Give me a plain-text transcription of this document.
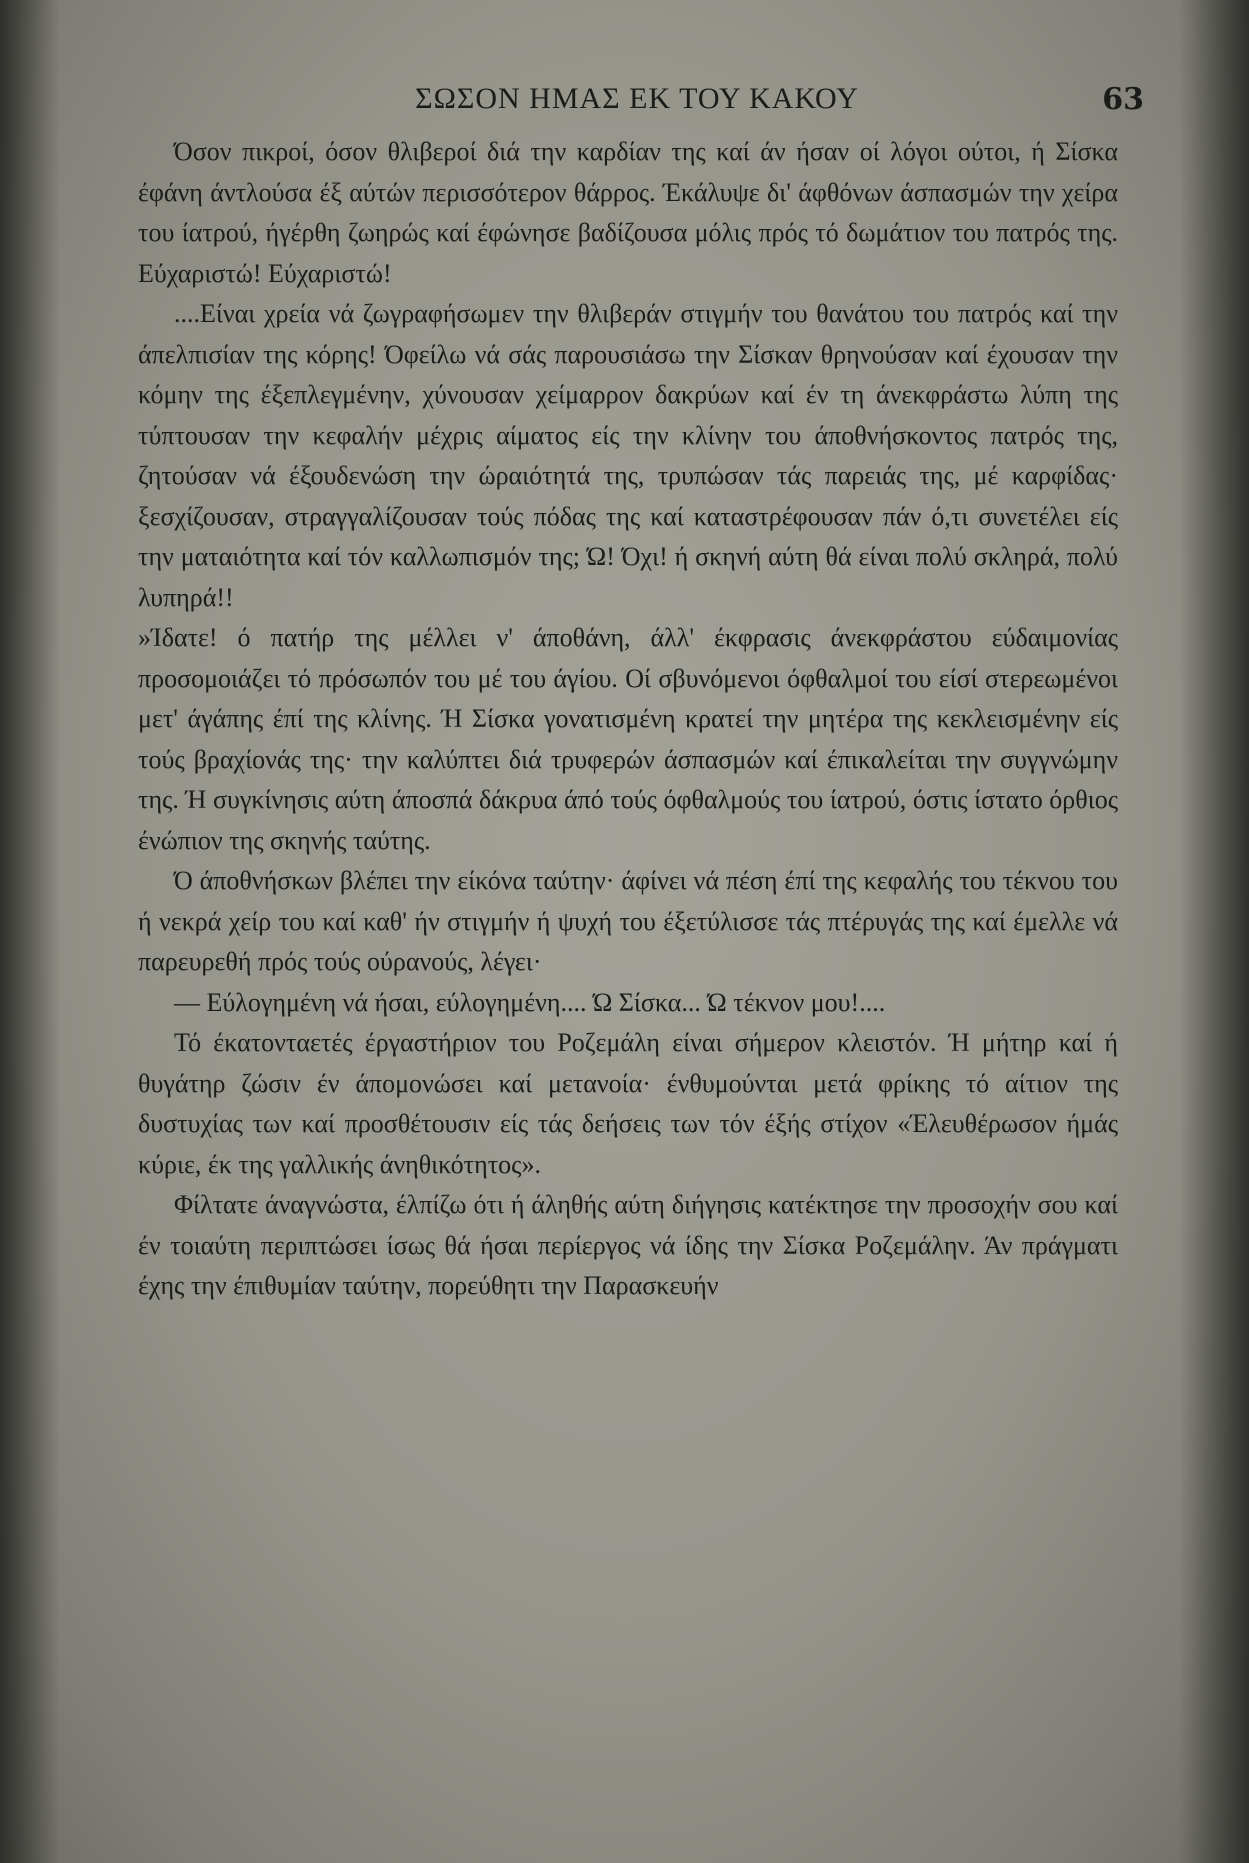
ΣΩΣΟΝ ΗΜΑΣ ΕΚ ΤΟΥ ΚΑΚΟΥ	63

Όσον πικροί, όσον θλιβεροί διά την καρδίαν της καί άν ήσαν οί λόγοι ούτοι, ή Σίσκα έφάνη άντλούσα έξ αύτών περισσότερον θάρρος. Έκάλυψε δι' άφθόνων άσπασμών την χείρα του ίατρού, ήγέρθη ζωηρώς καί έφώνησε βαδίζουσα μόλις πρός τό δωμάτιον του πατρός της. Εύχαριστώ! Εύχαριστώ!

....Είναι χρεία νά ζωγραφήσωμεν την θλιβεράν στιγμήν του θανάτου του πατρός καί την άπελπισίαν της κόρης! Όφείλω νά σάς παρουσιάσω την Σίσκαν θρηνούσαν καί έχουσαν την κόμην της έξεπλεγμένην, χύνουσαν χείμαρρον δακρύων καί έν τη άνεκφράστω λύπη της τύπτουσαν την κεφαλήν μέχρις αίματος είς την κλίνην του άποθνήσκοντος πατρός της, ζητούσαν νά έξουδενώση την ώραιότητά της, τρυπώσαν τάς παρειάς της, μέ καρφίδας· ξεσχίζουσαν, στραγγαλίζουσαν τούς πόδας της καί καταστρέφουσαν πάν ό,τι συνετέλει είς την ματαιότητα καί τόν καλλωπισμόν της; Ώ! Όχι! ή σκηνή αύτη θά είναι πολύ σκληρά, πολύ λυπηρά!!

»Ίδατε! ό πατήρ της μέλλει ν' άποθάνη, άλλ' έκφρασις άνεκφράστου εύδαιμονίας προσομοιάζει τό πρόσωπόν του μέ του άγίου. Οί σβυνόμενοι όφθαλμοί του είσί στερεωμένοι μετ' άγάπης έπί της κλίνης. Ή Σίσκα γονατισμένη κρατεί την μητέρα της κεκλεισμένην είς τούς βραχίονάς της· την καλύπτει διά τρυφερών άσπασμών καί έπικαλείται την συγγνώμην της. Ή συγκίνησις αύτη άποσπά δάκρυα άπό τούς όφθαλμούς του ίατρού, όστις ίστατο όρθιος ένώπιον της σκηνής ταύτης.

Ό άποθνήσκων βλέπει την είκόνα ταύτην· άφίνει νά πέση έπί της κεφαλής του τέκνου του ή νεκρά χείρ του καί καθ' ήν στιγμήν ή ψυχή του έξετύλισσε τάς πτέρυγάς της καί έμελλε νά παρευρεθή πρός τούς ούρανούς, λέγει·

— Εύλογημένη νά ήσαι, εύλογημένη.... Ώ Σίσκα... Ώ τέκνον μου!....

Τό έκατονταετές έργαστήριον του Ροζεμάλη είναι σήμερον κλειστόν. Ή μήτηρ καί ή θυγάτηρ ζώσιν έν άπομονώσει καί μετανοία· ένθυμούνται μετά φρίκης τό αίτιον της δυστυχίας των καί προσθέτουσιν είς τάς δεήσεις των τόν έξής στίχον «Έλευθέρωσον ήμάς κύριε, έκ της γαλλικής άνηθικότητος».

Φίλτατε άναγνώστα, έλπίζω ότι ή άληθής αύτη διήγησις κατέκτησε την προσοχήν σου καί έν τοιαύτη περιπτώσει ίσως θά ήσαι περίεργος νά ίδης την Σίσκα Ροζεμάλην. Άν πράγματι έχης την έπιθυμίαν ταύτην, πορεύθητι την Παρασκευήν
